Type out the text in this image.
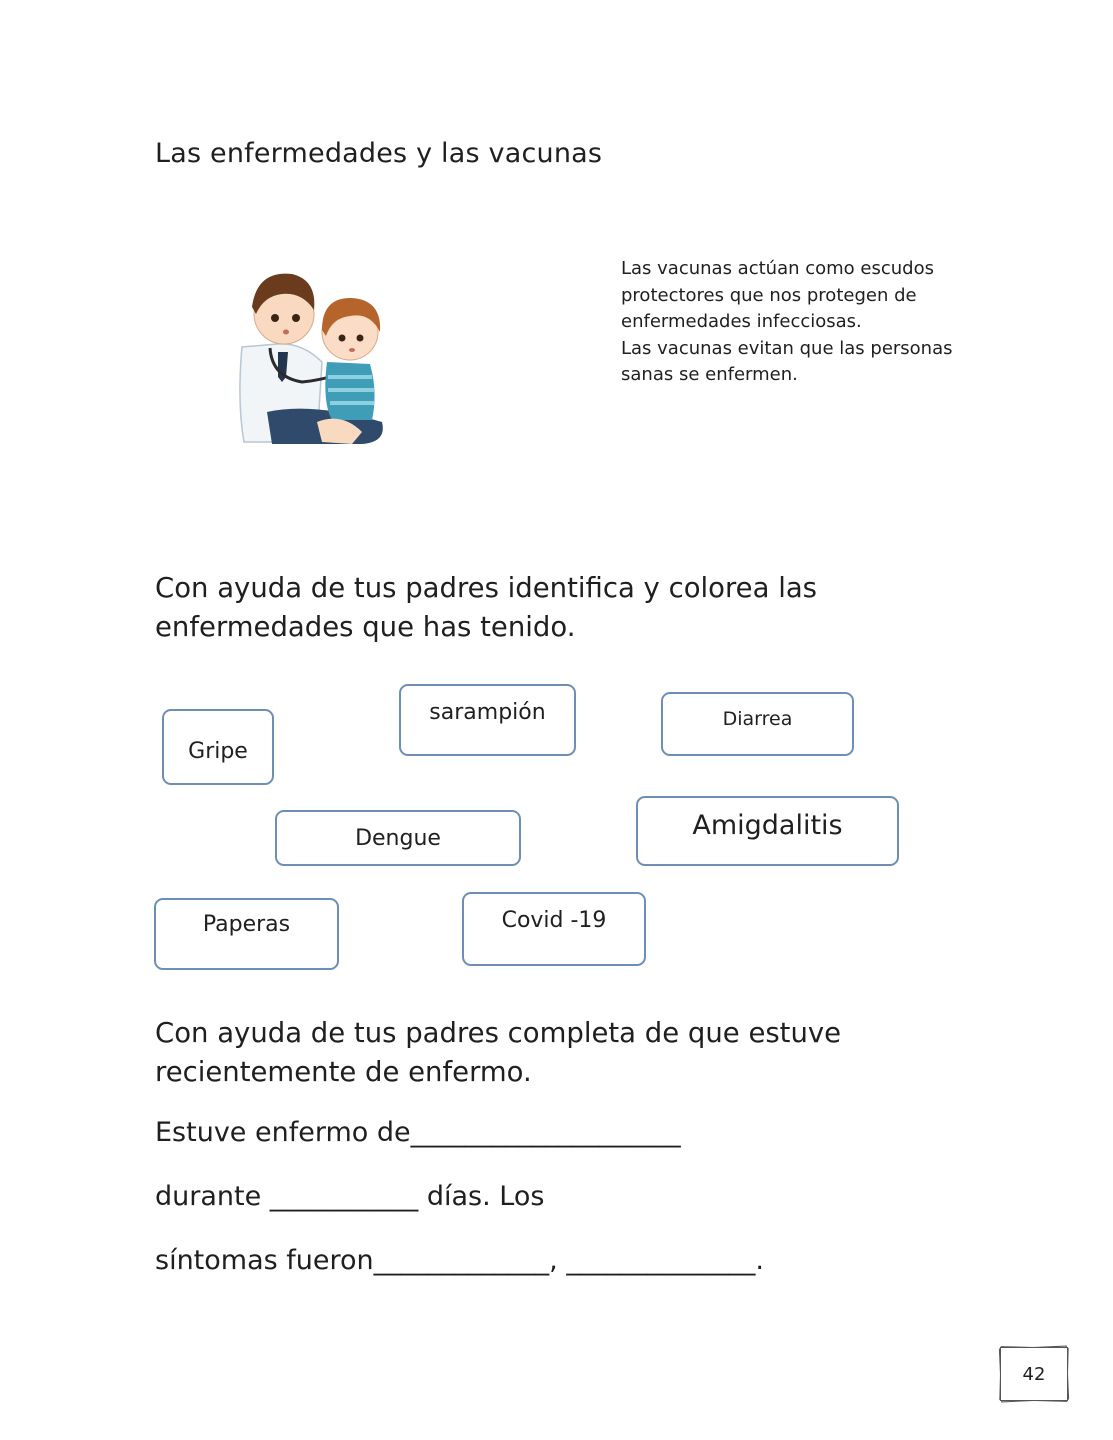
Las enfermedades y las vacunas
Las vacunas actúan como escudos
protectores que nos protegen de
enfermedades infecciosas.
Las vacunas evitan que las personas
sanas se enfermen.
Con ayuda de tus padres identifica y colorea las
enfermedades que has tenido.
Gripe
sarampión	Diarrea
Dengue	Amigdalitis
Paperas	Covid -19
Con ayuda de tus padres completa de que estuve
recientemente de enfermo.
Estuve enfermo de____________________
durante ___________ días. Los
síntomas fueron_____________, ______________.
42
